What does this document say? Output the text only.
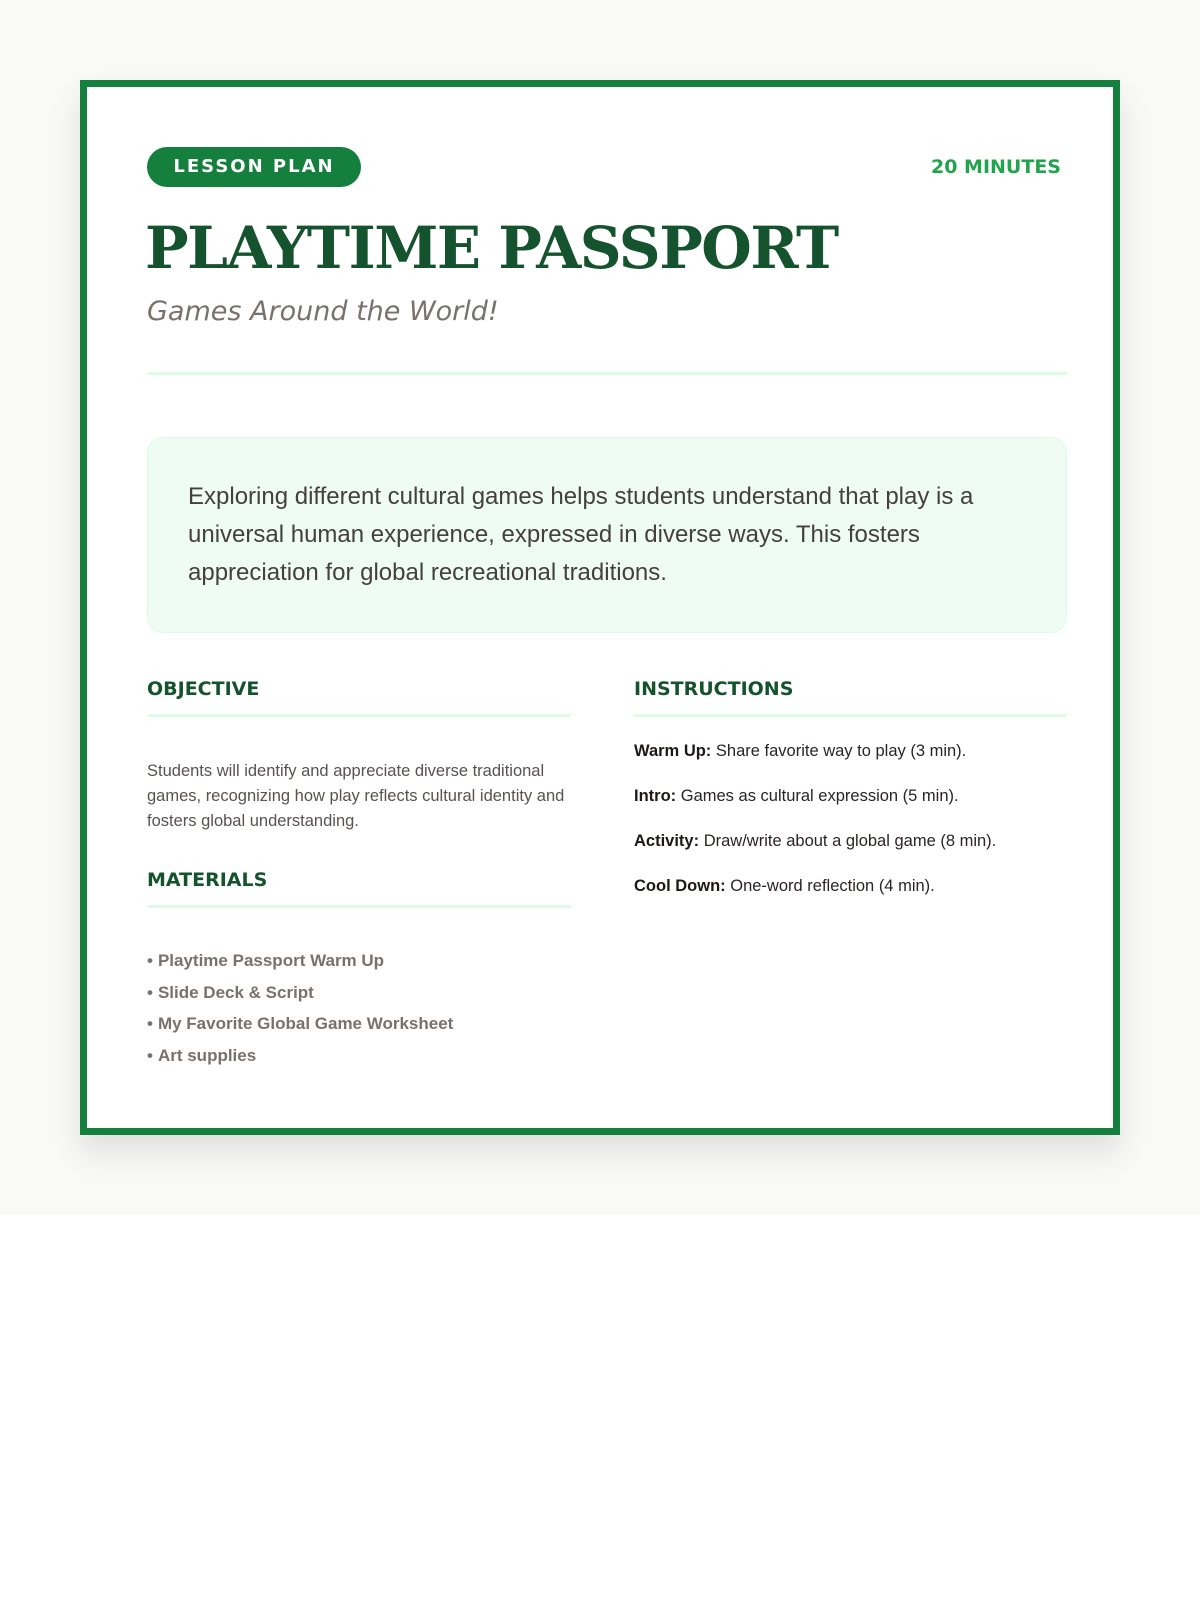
LESSON PLAN	20 MINUTES
PLAYTIME PASSPORT
Games Around the World!
Exploring different cultural games helps students understand that play is a universal human experience, expressed in diverse ways. This fosters appreciation for global recreational traditions.
OBJECTIVE
Students will identify and appreciate diverse traditional games, recognizing how play reflects cultural identity and fosters global understanding.
MATERIALS
• Playtime Passport Warm Up
• Slide Deck & Script
• My Favorite Global Game Worksheet
• Art supplies
INSTRUCTIONS
Warm Up: Share favorite way to play (3 min).
Intro: Games as cultural expression (5 min).
Activity: Draw/write about a global game (8 min).
Cool Down: One-word reflection (4 min).
